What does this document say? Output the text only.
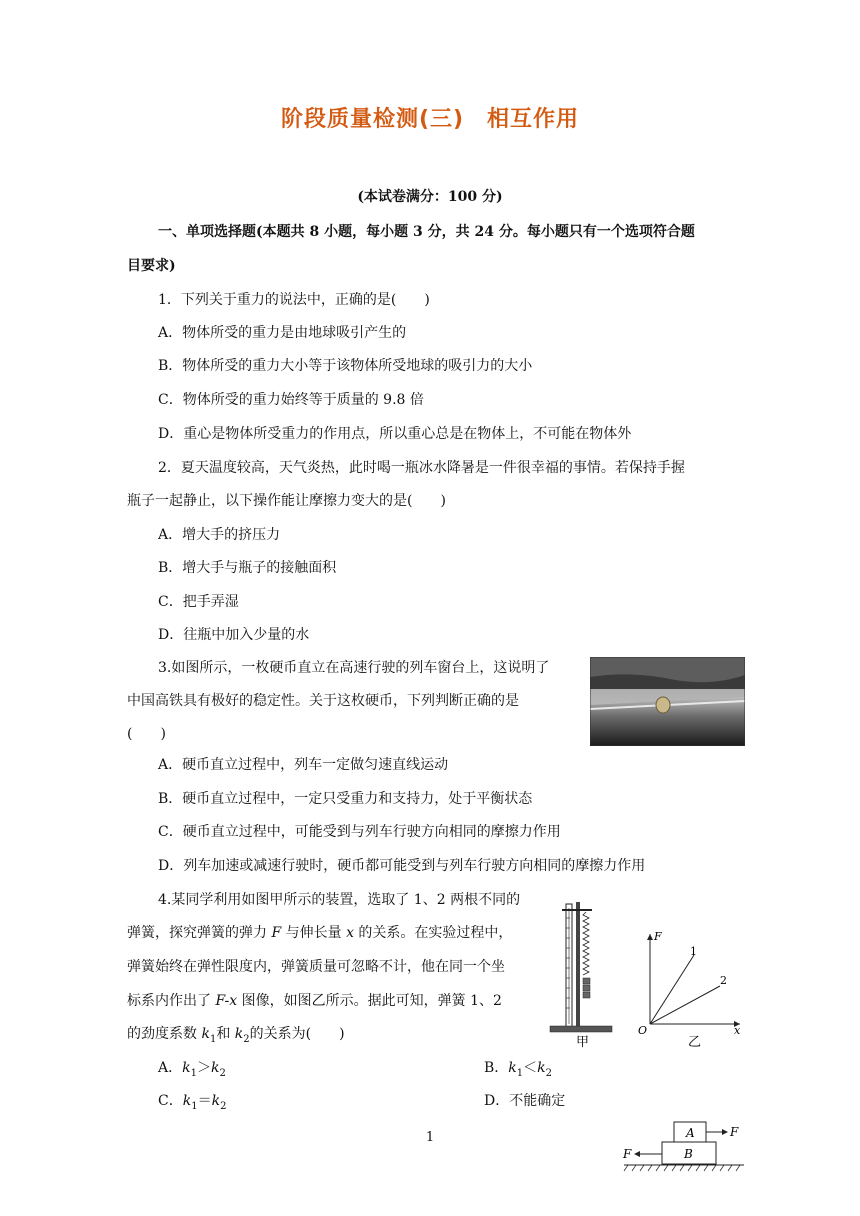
阶段质量检测(三)　相互作用
(本试卷满分：100 分)
一、单项选择题(本题共 8 小题，每小题 3 分，共 24 分。每小题只有一个选项符合题
目要求)
1．下列关于重力的说法中，正确的是(　　)
A．物体所受的重力是由地球吸引产生的
B．物体所受的重力大小等于该物体所受地球的吸引力的大小
C．物体所受的重力始终等于质量的 9.8 倍
D．重心是物体所受重力的作用点，所以重心总是在物体上，不可能在物体外
2．夏天温度较高，天气炎热，此时喝一瓶冰水降暑是一件很幸福的事情。若保持手握
瓶子一起静止，以下操作能让摩擦力变大的是(　　)
A．增大手的挤压力
B．增大手与瓶子的接触面积
C．把手弄湿
D．往瓶中加入少量的水
3.如图所示，一枚硬币直立在高速行驶的列车窗台上，这说明了
中国高铁具有极好的稳定性。关于这枚硬币，下列判断正确的是
(　　)
A．硬币直立过程中，列车一定做匀速直线运动
B．硬币直立过程中，一定只受重力和支持力，处于平衡状态
C．硬币直立过程中，可能受到与列车行驶方向相同的摩擦力作用
D．列车加速或减速行驶时，硬币都可能受到与列车行驶方向相同的摩擦力作用
4.某同学利用如图甲所示的装置，选取了 1、2 两根不同的
弹簧，探究弹簧的弹力 F 与伸长量 x 的关系。在实验过程中，
弹簧始终在弹性限度内，弹簧质量可忽略不计，他在同一个坐
标系内作出了 F-x 图像，如图乙所示。据此可知，弹簧 1、2
的劲度系数 $k_1$和 $k_2$的关系为(　　)
A．$k_1>k_2$	B．$k_1<k_2$
C．$k_1=k_2$	D．不能确定
甲
F
x
O
1
2
乙
1	A	F
B
F
